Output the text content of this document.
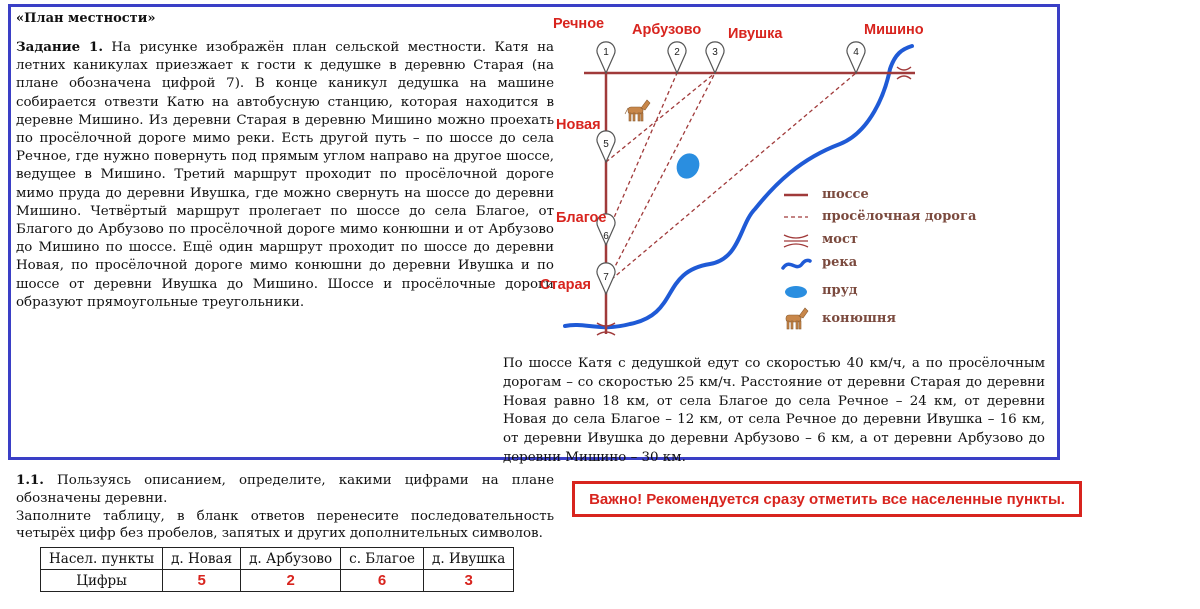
«План местности»

Задание 1. На рисунке изображён план сельской местности. Катя на летних каникулах приезжает к гости к дедушке в деревню Старая (на плане обозначена цифрой 7). В конце каникул дедушка на машине собирается отвезти Катю на автобусную станцию, которая находится в деревне Мишино. Из деревни Старая в деревню Мишино можно проехать по просёлочной дороге мимо реки. Есть другой путь – по шоссе до села Речное, где нужно повернуть под прямым углом направо на другое шоссе, ведущее в Мишино. Третий маршрут проходит по просёлочной дороге мимо пруда до деревни Ивушка, где можно свернуть на шоссе до деревни Мишино. Четвёртый маршрут пролегает по шоссе до села Благое, от Благого до Арбузово по просёлочной дороге мимо конюшни и от Арбузово до Мишино по шоссе. Ещё один маршрут проходит по шоссе до деревни Новая, по просёлочной дороге мимо конюшни до деревни Ивушка и по шоссе от деревни Ивушка до Мишино. Шоссе и просёлочные дороги образуют прямоугольные треугольники.

1	2	3	4
5
6
7
Речное Арбузово Ивушка	Мишино
Новая
Благое
Старая
шоссе
просёлочная дорога
мост
река
пруд
конюшня

По шоссе Катя с дедушкой едут со скоростью 40 км/ч, а по просёлочным дорогам – со скоростью 25 км/ч. Расстояние от деревни Старая до деревни Новая равно 18 км, от села Благое до села Речное – 24 км, от деревни Новая до села Благое – 12 км, от села Речное до деревни Ивушка – 16 км, от деревни Ивушка до деревни Арбузово – 6 км, а от деревни Арбузово до деревни Мишино – 30 км.

1.1. Пользуясь описанием, определите, какими цифрами на плане обозначены деревни.
Заполните таблицу, в бланк ответов перенесите последовательность четырёх цифр без пробелов, запятых и других дополнительных символов.
Насел. пункты	д. Новая	д. Арбузово	с. Благое	д. Ивушка
Цифры	5	2	6	3
Важно! Рекомендуется сразу отметить все населенные пункты.
